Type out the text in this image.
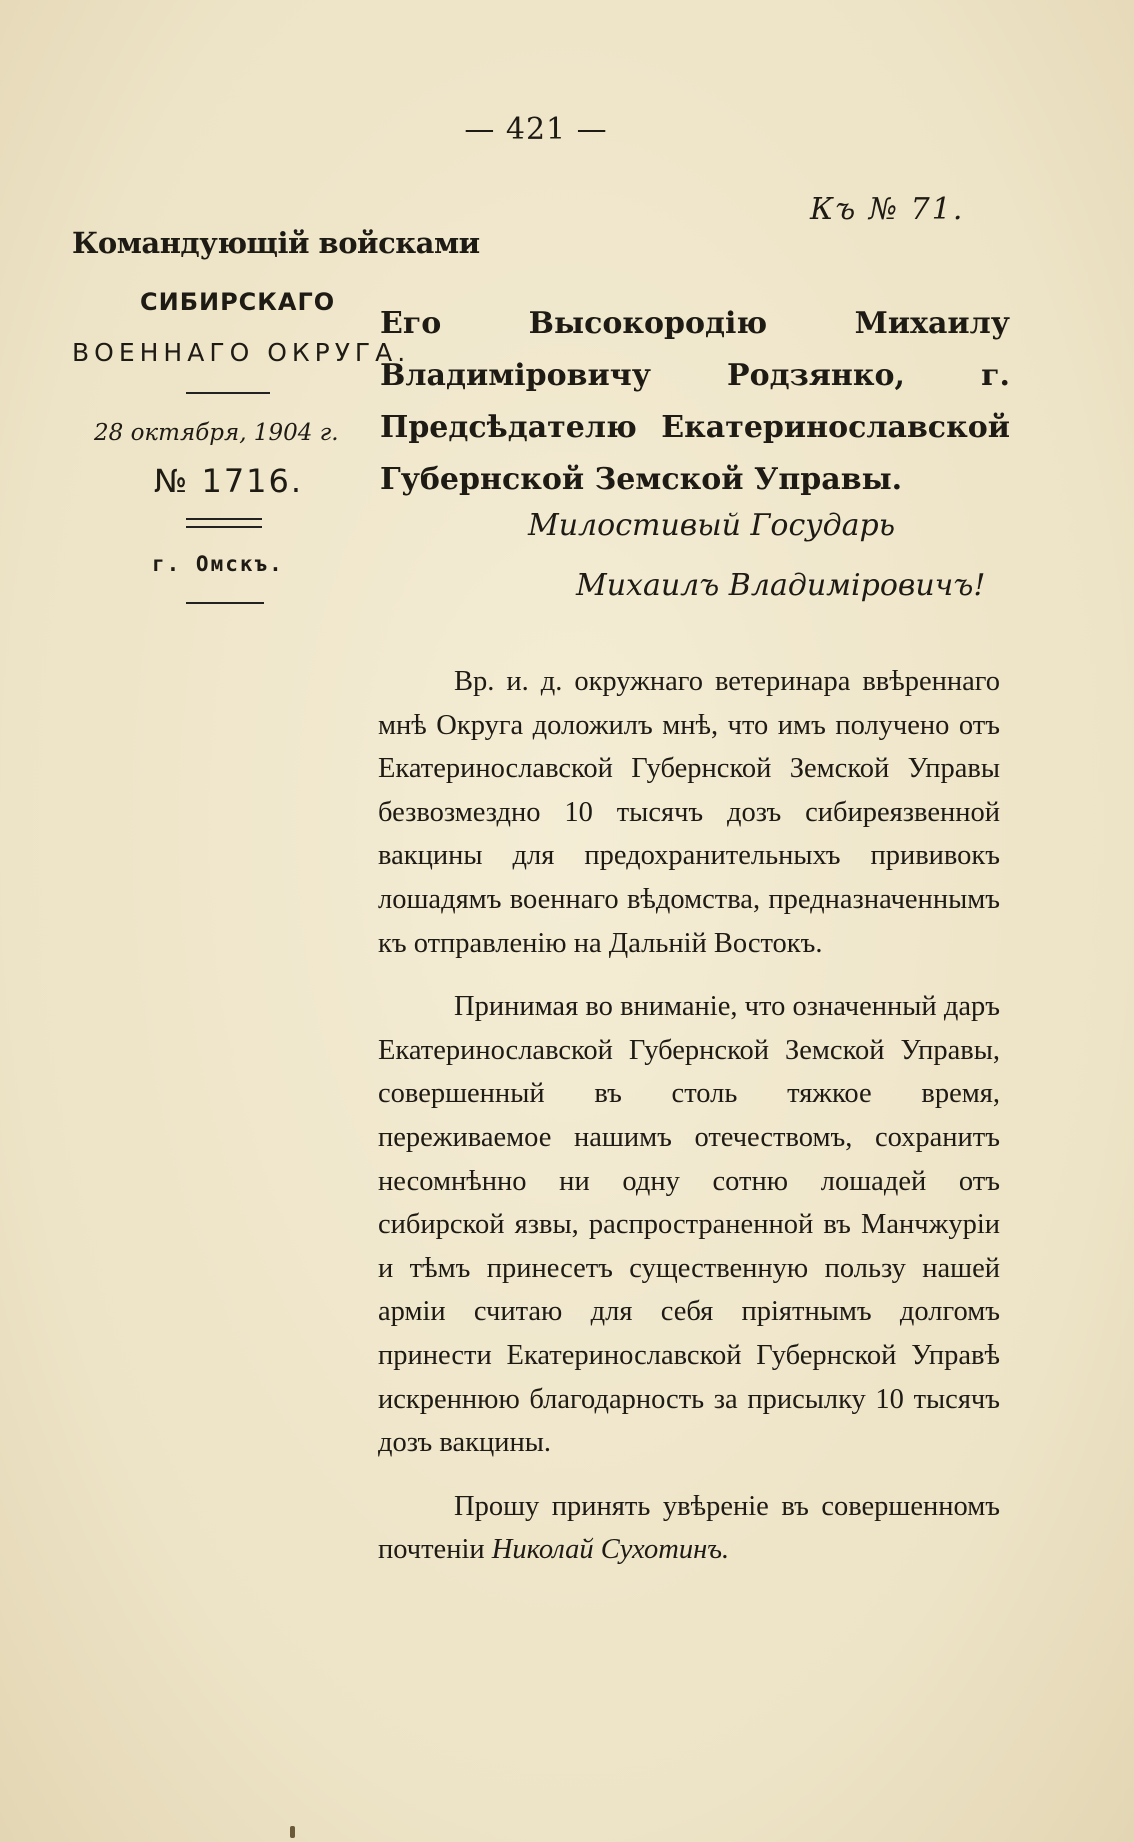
— 421 —
Къ № 71.
Командующій войсками
СИБИРСКАГО
ВОЕННАГО ОКРУГА.
28 октября, 1904 г.
№ 1716.
г. Омскъ.
Его Высокородію Михаилу Владиміровичу Родзянко, г. Предсѣдателю Екатеринославской Губернской Земской Управы.
Милостивый Государь
Михаилъ Владиміровичъ!

Вр. и. д. окружнаго ветеринара ввѣреннаго мнѣ Округа доложилъ мнѣ, что имъ получено отъ Екатеринославской Губернской Земской Управы безвозмездно 10 тысячъ дозъ сибиреязвенной вакцины для предохранительныхъ прививокъ лошадямъ военнаго вѣдомства, предназначеннымъ къ отправленію на Дальній Востокъ.

Принимая во вниманіе, что означенный даръ Екатеринославской Губернской Земской Управы, совершенный въ столь тяжкое время, переживаемое нашимъ отечествомъ, сохранитъ несомнѣнно ни одну сотню лошадей отъ сибирской язвы, распространенной въ Манчжуріи и тѣмъ принесетъ существенную пользу нашей арміи считаю для себя пріятнымъ долгомъ принести Екатеринославской Губернской Управѣ искреннюю благодарность за присылку 10 тысячъ дозъ вакцины.

Прошу принять увѣреніе въ совершенномъ почтеніи Николай Сухотинъ.
